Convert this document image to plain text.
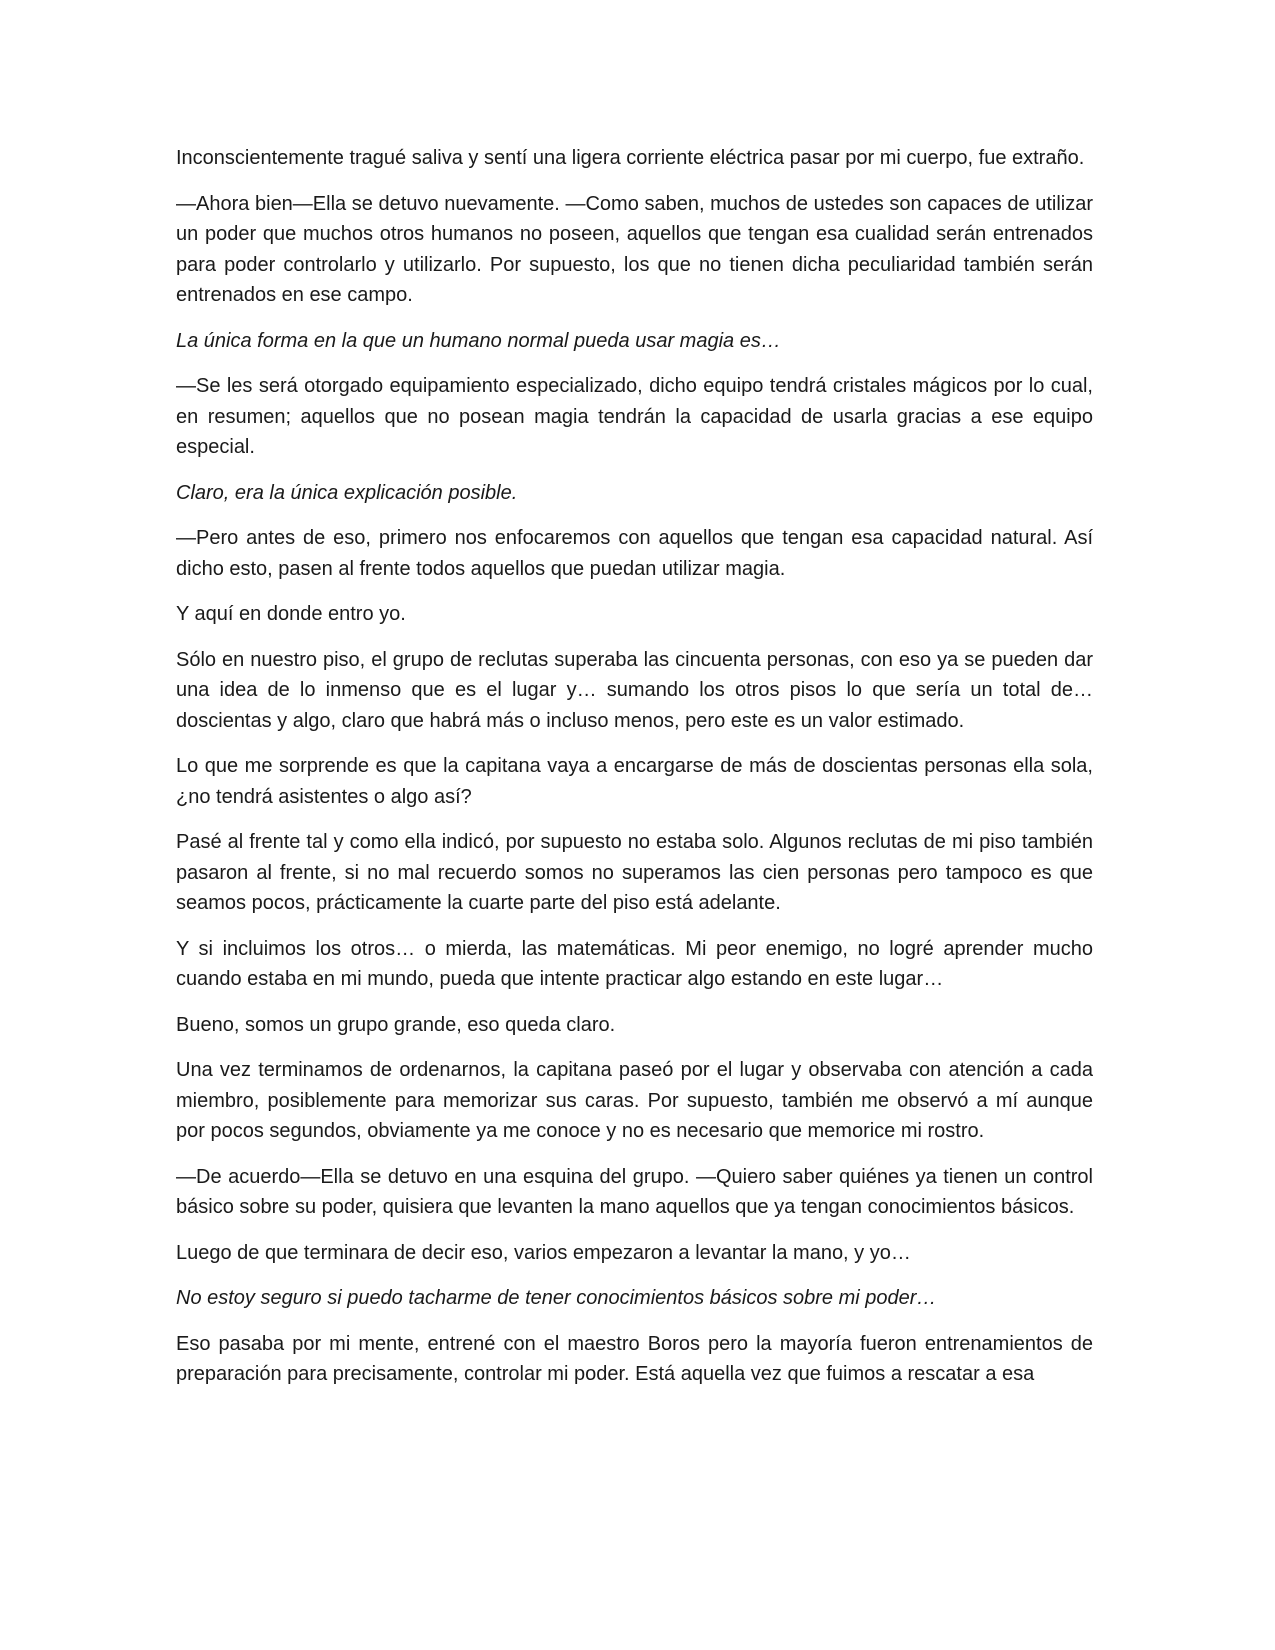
Inconscientemente tragué saliva y sentí una ligera corriente eléctrica pasar por mi cuerpo, fue extraño.

—Ahora bien—Ella se detuvo nuevamente. —Como saben, muchos de ustedes son capaces de utilizar un poder que muchos otros humanos no poseen, aquellos que tengan esa cualidad serán entrenados para poder controlarlo y utilizarlo. Por supuesto, los que no tienen dicha peculiaridad también serán entrenados en ese campo.

La única forma en la que un humano normal pueda usar magia es…

—Se les será otorgado equipamiento especializado, dicho equipo tendrá cristales mágicos por lo cual, en resumen; aquellos que no posean magia tendrán la capacidad de usarla gracias a ese equipo especial.

Claro, era la única explicación posible.

—Pero antes de eso, primero nos enfocaremos con aquellos que tengan esa capacidad natural. Así dicho esto, pasen al frente todos aquellos que puedan utilizar magia.

Y aquí en donde entro yo.

Sólo en nuestro piso, el grupo de reclutas superaba las cincuenta personas, con eso ya se pueden dar una idea de lo inmenso que es el lugar y… sumando los otros pisos lo que sería un total de… doscientas y algo, claro que habrá más o incluso menos, pero este es un valor estimado.

Lo que me sorprende es que la capitana vaya a encargarse de más de doscientas personas ella sola, ¿no tendrá asistentes o algo así?

Pasé al frente tal y como ella indicó, por supuesto no estaba solo. Algunos reclutas de mi piso también pasaron al frente, si no mal recuerdo somos no superamos las cien personas pero tampoco es que seamos pocos, prácticamente la cuarte parte del piso está adelante.

Y si incluimos los otros… o mierda, las matemáticas. Mi peor enemigo, no logré aprender mucho cuando estaba en mi mundo, pueda que intente practicar algo estando en este lugar…

Bueno, somos un grupo grande, eso queda claro.

Una vez terminamos de ordenarnos, la capitana paseó por el lugar y observaba con atención a cada miembro, posiblemente para memorizar sus caras. Por supuesto, también me observó a mí aunque por pocos segundos, obviamente ya me conoce y no es necesario que memorice mi rostro.

—De acuerdo—Ella se detuvo en una esquina del grupo. —Quiero saber quiénes ya tienen un control básico sobre su poder, quisiera que levanten la mano aquellos que ya tengan conocimientos básicos.

Luego de que terminara de decir eso, varios empezaron a levantar la mano, y yo…

No estoy seguro si puedo tacharme de tener conocimientos básicos sobre mi poder…

Eso pasaba por mi mente, entrené con el maestro Boros pero la mayoría fueron entrenamientos de preparación para precisamente, controlar mi poder. Está aquella vez que fuimos a rescatar a esa
